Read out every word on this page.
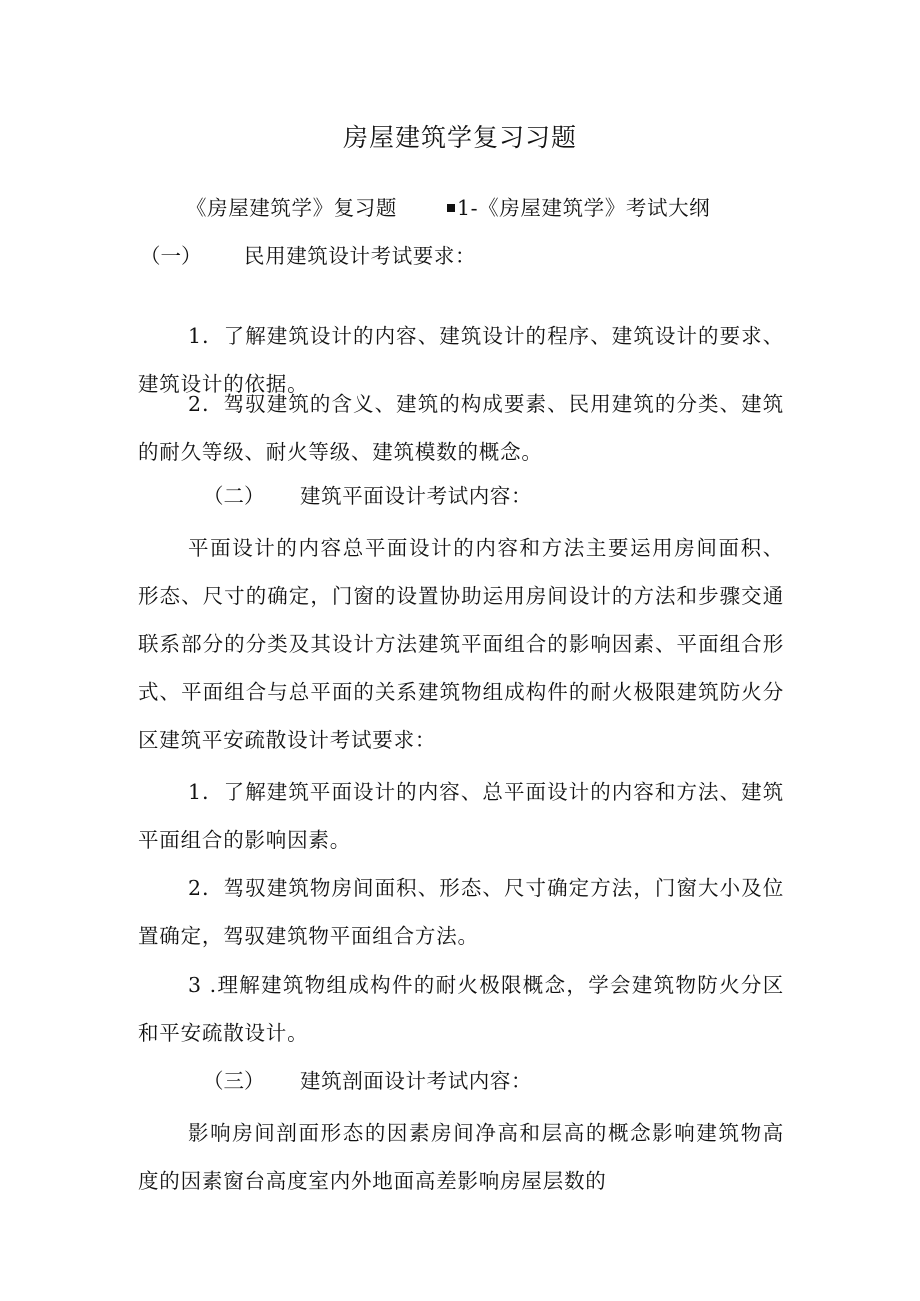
房屋建筑学复习习题
《房屋建筑学》复习题	1-《房屋建筑学》考试大纲
（一） 民用建筑设计考试要求：
1．了解建筑设计的内容、建筑设计的程序、建筑设计的要求、建筑设计的依据。
2．驾驭建筑的含义、建筑的构成要素、民用建筑的分类、建筑的耐久等级、耐火等级、建筑模数的概念。
（二） 建筑平面设计考试内容：
平面设计的内容总平面设计的内容和方法主要运用房间面积、形态、尺寸的确定，门窗的设置协助运用房间设计的方法和步骤交通联系部分的分类及其设计方法建筑平面组合的影响因素、平面组合形式、平面组合与总平面的关系建筑物组成构件的耐火极限建筑防火分区建筑平安疏散设计考试要求：
1．了解建筑平面设计的内容、总平面设计的内容和方法、建筑平面组合的影响因素。
2．驾驭建筑物房间面积、形态、尺寸确定方法，门窗大小及位置确定，驾驭建筑物平面组合方法。
3 .理解建筑物组成构件的耐火极限概念，学会建筑物防火分区和平安疏散设计。
（三） 建筑剖面设计考试内容：
影响房间剖面形态的因素房间净高和层高的概念影响建筑物高度的因素窗台高度室内外地面高差影响房屋层数的
